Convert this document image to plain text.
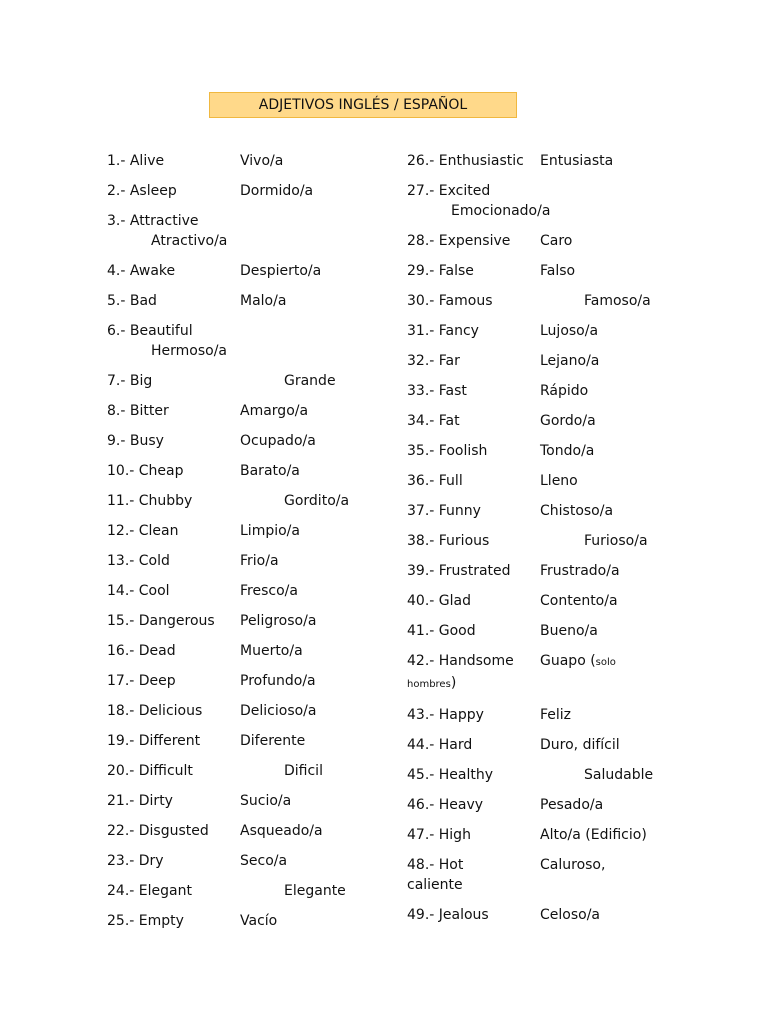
ADJETIVOS INGLÉS / ESPAÑOL
1.- Alive	Vivo/a
2.- Asleep	Dormido/a
3.- Attractive
Atractivo/a
4.- Awake	Despierto/a
5.- Bad	Malo/a
6.- Beautiful
Hermoso/a
7.- Big	Grande
8.- Bitter	Amargo/a
9.- Busy	Ocupado/a
10.- Cheap	Barato/a
11.- Chubby	Gordito/a
12.- Clean	Limpio/a
13.- Cold	Frio/a
14.- Cool	Fresco/a
15.- Dangerous Peligroso/a
16.- Dead	Muerto/a
17.- Deep	Profundo/a
18.- Delicious	Delicioso/a
19.- Different	Diferente
20.- Difficult	Dificil
21.- Dirty	Sucio/a
22.- Disgusted Asqueado/a
23.- Dry	Seco/a
24.- Elegant	Elegante
25.- Empty	Vacío
26.- Enthusiastic Entusiasta
27.- Excited
Emocionado/a
28.- Expensive Caro
29.- False	Falso
30.- Famous	Famoso/a
31.- Fancy	Lujoso/a
32.- Far	Lejano/a
33.- Fast	Rápido
34.- Fat	Gordo/a
35.- Foolish	Tondo/a
36.- Full	Lleno
37.- Funny	Chistoso/a
38.- Furious	Furioso/a
39.- Frustrated Frustrado/a
40.- Glad	Contento/a
41.- Good	Bueno/a
42.- Handsome Guapo (solo
hombres)
43.- Happy	Feliz
44.- Hard	Duro, difícil
45.- Healthy	Saludable
46.- Heavy	Pesado/a
47.- High	Alto/a (Edificio)
48.- Hot	Caluroso,
caliente
49.- Jealous	Celoso/a
